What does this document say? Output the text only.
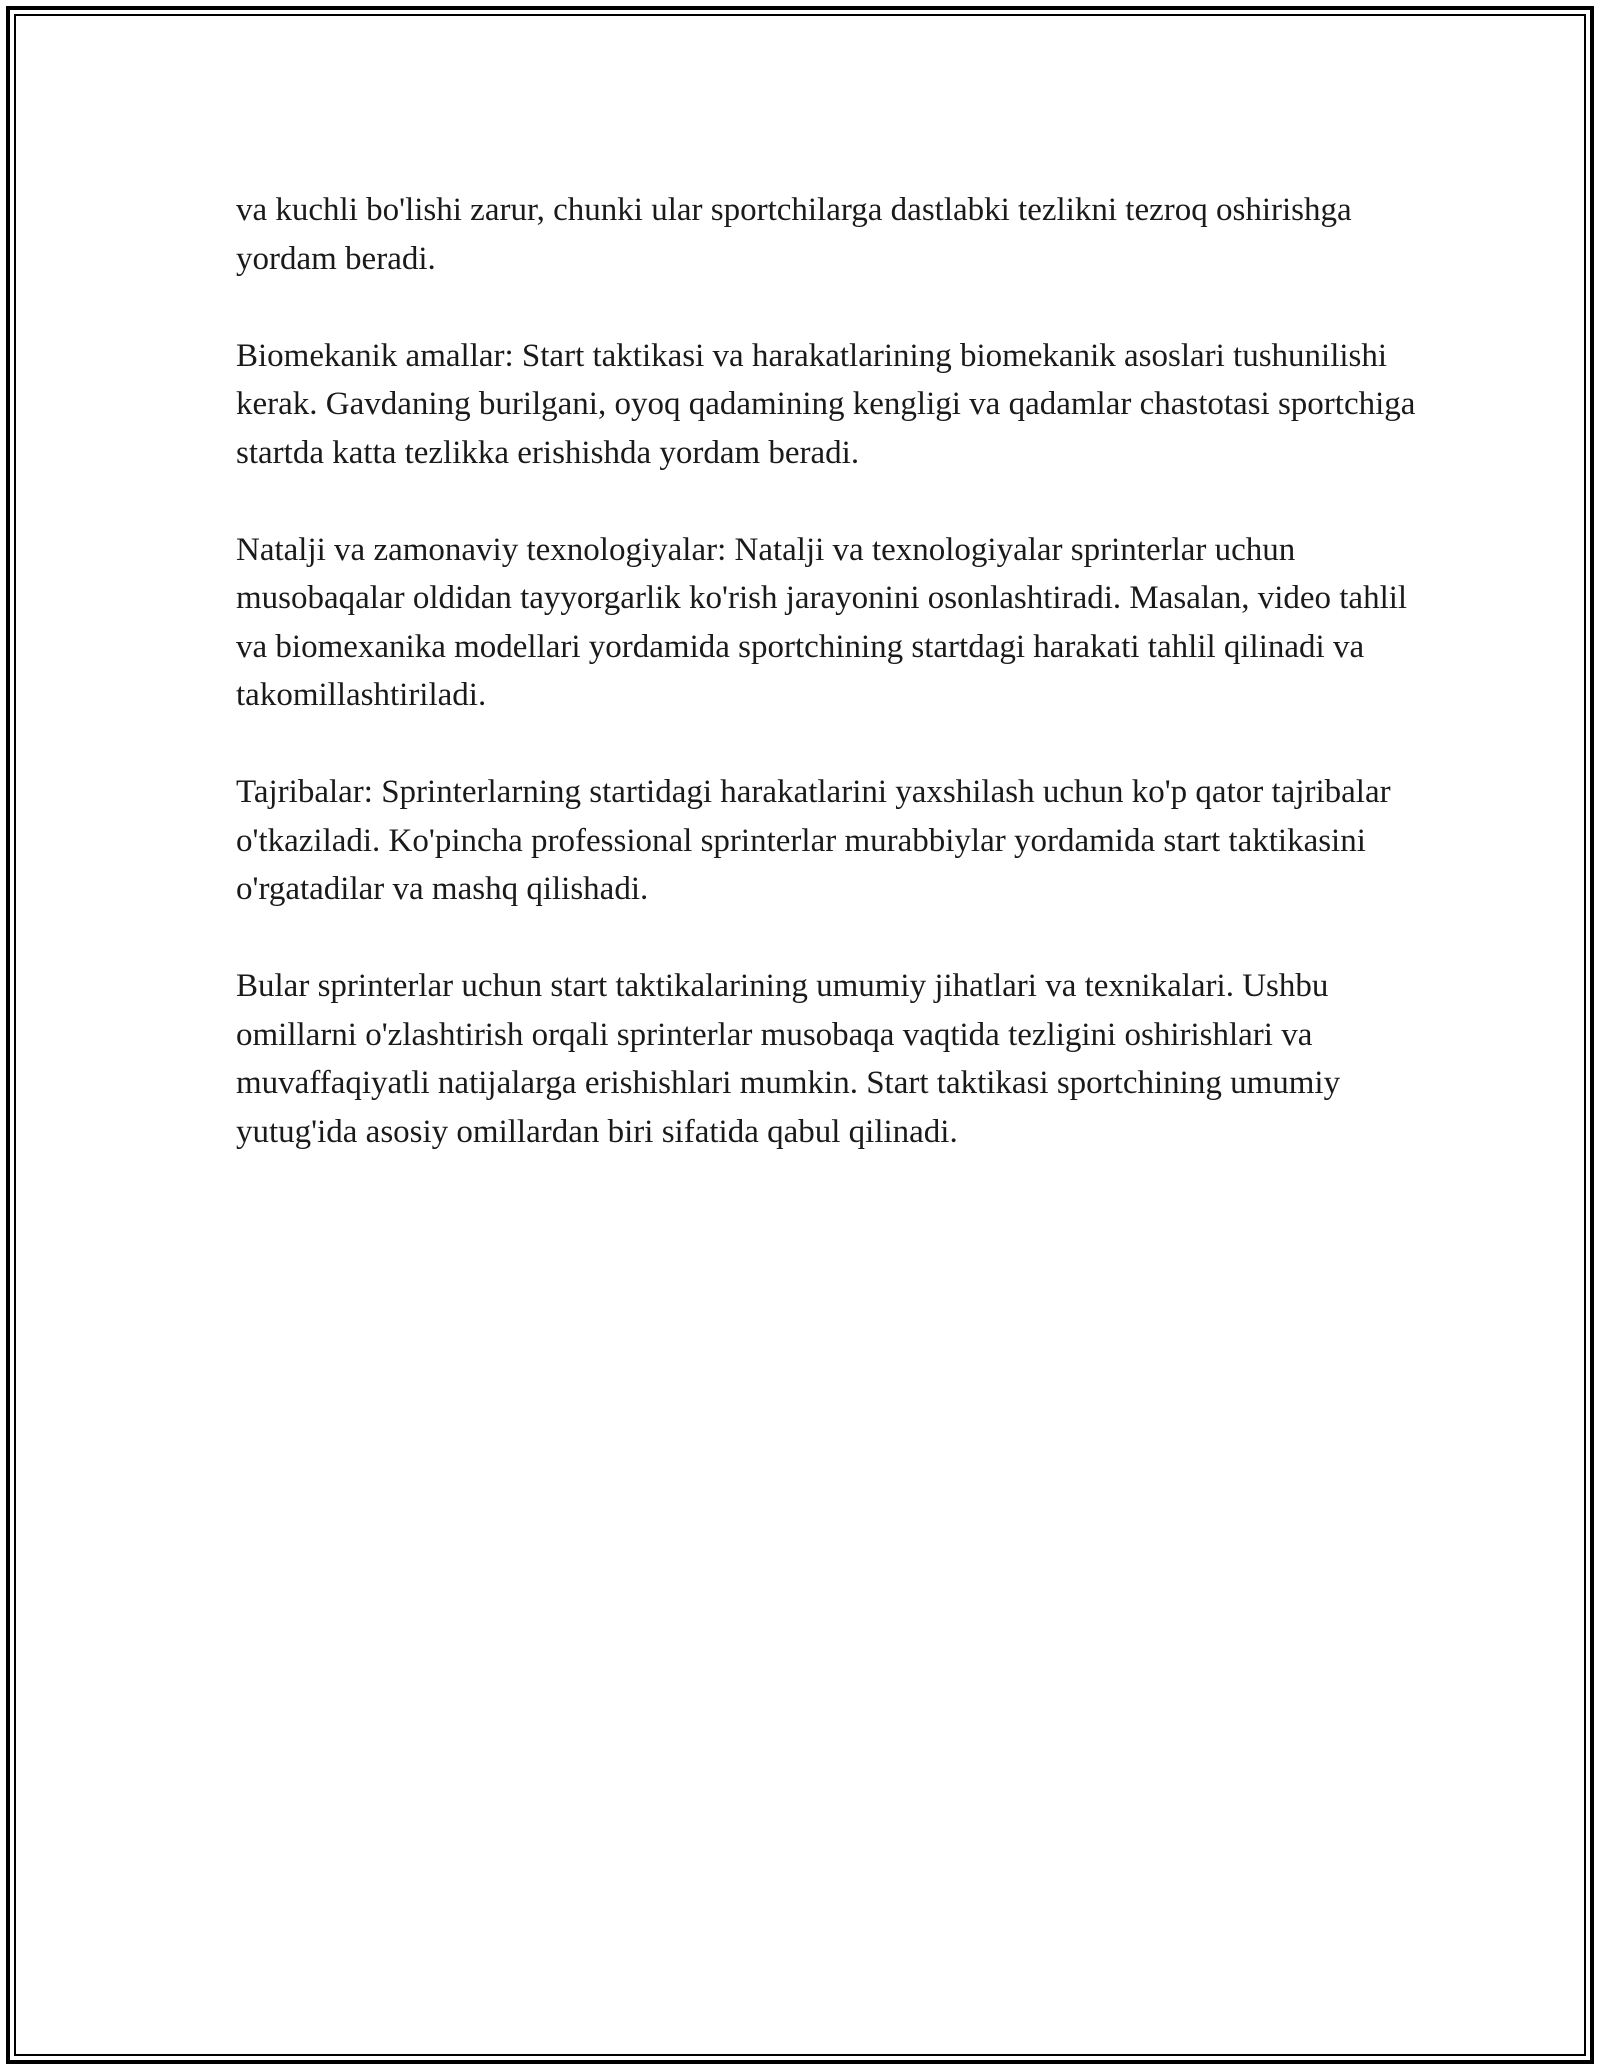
va kuchli bo'lishi zarur, chunki ular sportchilarga dastlabki tezlikni tezroq oshirishga yordam beradi.

Biomekanik amallar: Start taktikasi va harakatlarining biomekanik asoslari tushunilishi kerak. Gavdaning burilgani, oyoq qadamining kengligi va qadamlar chastotasi sportchiga startda katta tezlikka erishishda yordam beradi.

Natalji va zamonaviy texnologiyalar: Natalji va texnologiyalar sprinterlar uchun musobaqalar oldidan tayyorgarlik ko'rish jarayonini osonlashtiradi. Masalan, video tahlil va biomexanika modellari yordamida sportchining startdagi harakati tahlil qilinadi va takomillashtiriladi.

Tajribalar: Sprinterlarning startidagi harakatlarini yaxshilash uchun ko'p qator tajribalar o'tkaziladi. Ko'pincha professional sprinterlar murabbiylar yordamida start taktikasini o'rgatadilar va mashq qilishadi.

Bular sprinterlar uchun start taktikalarining umumiy jihatlari va texnikalari. Ushbu omillarni o'zlashtirish orqali sprinterlar musobaqa vaqtida tezligini oshirishlari va muvaffaqiyatli natijalarga erishishlari mumkin. Start taktikasi sportchining umumiy yutug'ida asosiy omillardan biri sifatida qabul qilinadi.
